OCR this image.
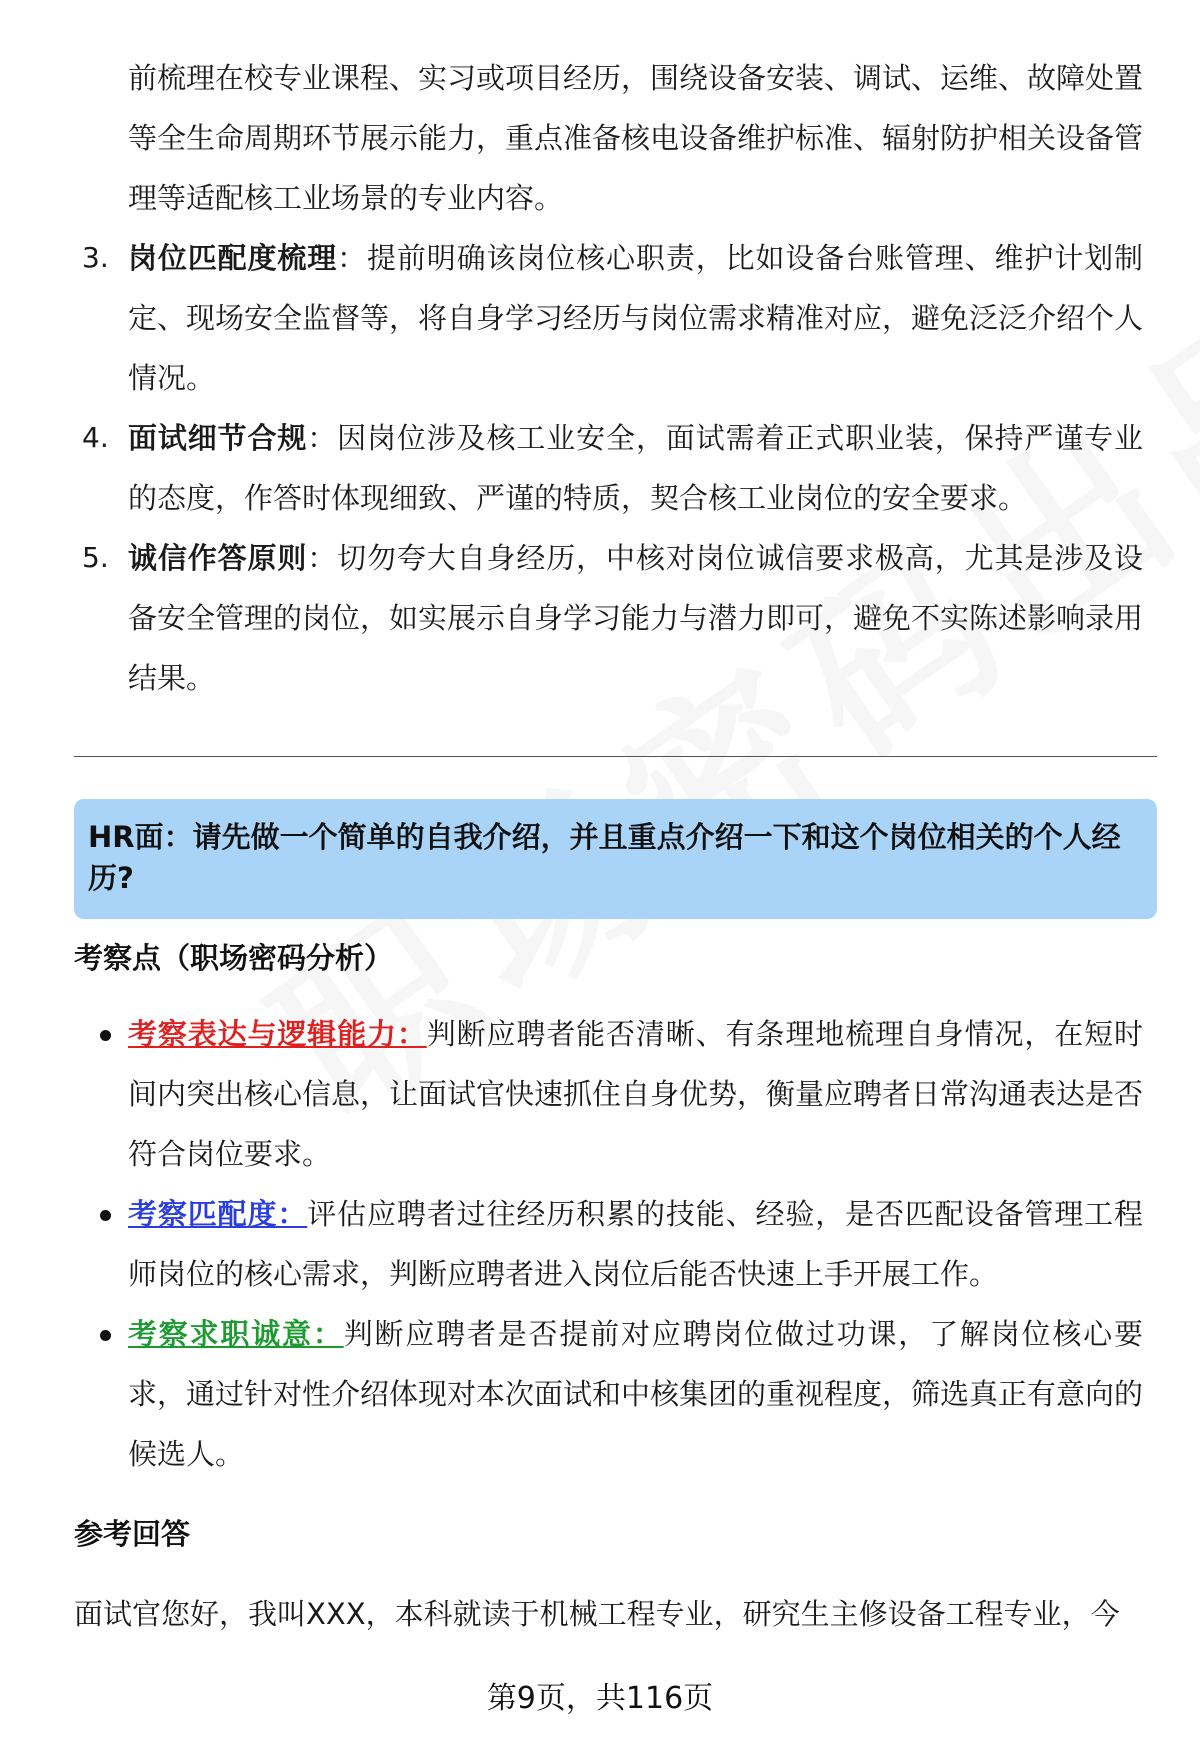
前梳理在校专业课程、实习或项目经历，围绕设备安装、调试、运维、故障处置等全生命周期环节展示能力，重点准备核电设备维护标准、辐射防护相关设备管理等适配核工业场景的专业内容。
3. 岗位匹配度梳理：提前明确该岗位核心职责，比如设备台账管理、维护计划制定、现场安全监督等，将自身学习经历与岗位需求精准对应，避免泛泛介绍个人情况。
4. 面试细节合规：因岗位涉及核工业安全，面试需着正式职业装，保持严谨专业的态度，作答时体现细致、严谨的特质，契合核工业岗位的安全要求。
5. 诚信作答原则：切勿夸大自身经历，中核对岗位诚信要求极高，尤其是涉及设备安全管理的岗位，如实展示自身学习能力与潜力即可，避免不实陈述影响录用结果。
HR面：请先做一个简单的自我介绍，并且重点介绍一下和这个岗位相关的个人经历?
考察点（职场密码分析）
考察表达与逻辑能力：判断应聘者能否清晰、有条理地梳理自身情况，在短时间内突出核心信息，让面试官快速抓住自身优势，衡量应聘者日常沟通表达是否符合岗位要求。
考察匹配度：评估应聘者过往经历积累的技能、经验，是否匹配设备管理工程师岗位的核心需求，判断应聘者进入岗位后能否快速上手开展工作。
考察求职诚意：判断应聘者是否提前对应聘岗位做过功课，了解岗位核心要求，通过针对性介绍体现对本次面试和中核集团的重视程度，筛选真正有意向的候选人。
参考回答
面试官您好，我叫XXX，本科就读于机械工程专业，研究生主修设备工程专业，今
第9页，共116页
